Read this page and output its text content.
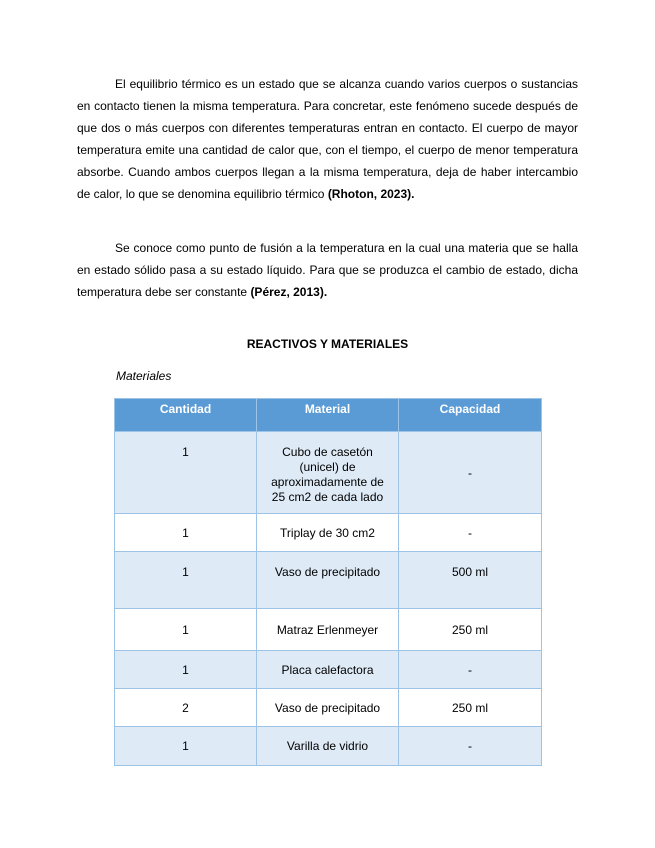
El equilibrio térmico es un estado que se alcanza cuando varios cuerpos o sustancias en contacto tienen la misma temperatura. Para concretar, este fenómeno sucede después de que dos o más cuerpos con diferentes temperaturas entran en contacto. El cuerpo de mayor temperatura emite una cantidad de calor que, con el tiempo, el cuerpo de menor temperatura absorbe. Cuando ambos cuerpos llegan a la misma temperatura, deja de haber intercambio de calor, lo que se denomina equilibrio térmico (Rhoton, 2023).

Se conoce como punto de fusión a la temperatura en la cual una materia que se halla en estado sólido pasa a su estado líquido. Para que se produzca el cambio de estado, dicha temperatura debe ser constante (Pérez, 2013).

REACTIVOS Y MATERIALES
Materiales
Cantidad	Material	Capacidad
1	Cubo de casetón (unicel) de aproximadamente de 25 cm2 de cada lado	-
1	Triplay de 30 cm2	-
1	Vaso de precipitado	500 ml
1	Matraz Erlenmeyer	250 ml
1	Placa calefactora	-
2	Vaso de precipitado	250 ml
1	Varilla de vidrio	-
